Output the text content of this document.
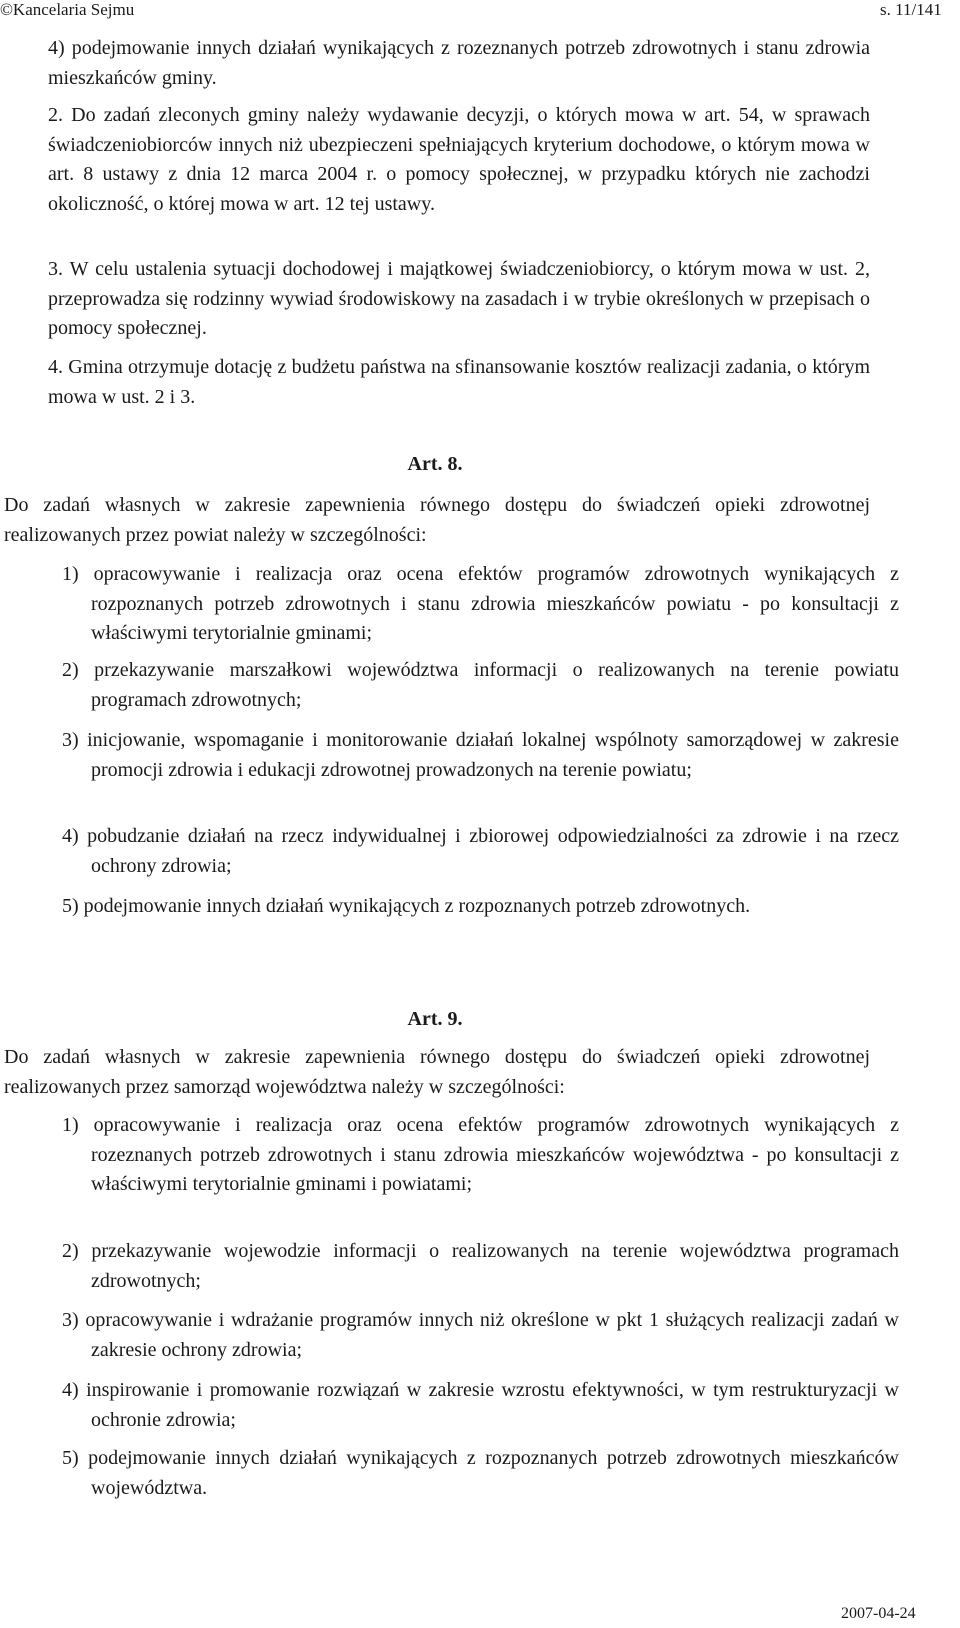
©Kancelaria Sejmu	s. 11/141
4) podejmowanie innych działań wynikających z rozeznanych potrzeb zdrowotnych i stanu zdrowia mieszkańców gminy.
2. Do zadań zleconych gminy należy wydawanie decyzji, o których mowa w art. 54, w sprawach świadczeniobiorców innych niż ubezpieczeni spełniających kryterium dochodowe, o którym mowa w art. 8 ustawy z dnia 12 marca 2004 r. o pomocy społecznej, w przypadku których nie zachodzi okoliczność, o której mowa w art. 12 tej ustawy.
3. W celu ustalenia sytuacji dochodowej i majątkowej świadczeniobiorcy, o którym mowa w ust. 2, przeprowadza się rodzinny wywiad środowiskowy na zasadach i w trybie określonych w przepisach o pomocy społecznej.
4. Gmina otrzymuje dotację z budżetu państwa na sfinansowanie kosztów realizacji zadania, o którym mowa w ust. 2 i 3.
Art. 8.
Do zadań własnych w zakresie zapewnienia równego dostępu do świadczeń opieki zdrowotnej realizowanych przez powiat należy w szczególności:
1) opracowywanie i realizacja oraz ocena efektów programów zdrowotnych wynikających z rozpoznanych potrzeb zdrowotnych i stanu zdrowia mieszkańców powiatu - po konsultacji z właściwymi terytorialnie gminami;
2) przekazywanie marszałkowi województwa informacji o realizowanych na terenie powiatu programach zdrowotnych;
3) inicjowanie, wspomaganie i monitorowanie działań lokalnej wspólnoty samorządowej w zakresie promocji zdrowia i edukacji zdrowotnej prowadzonych na terenie powiatu;
4) pobudzanie działań na rzecz indywidualnej i zbiorowej odpowiedzialności za zdrowie i na rzecz ochrony zdrowia;
5) podejmowanie innych działań wynikających z rozpoznanych potrzeb zdrowotnych.
Art. 9.
Do zadań własnych w zakresie zapewnienia równego dostępu do świadczeń opieki zdrowotnej realizowanych przez samorząd województwa należy w szczególności:
1) opracowywanie i realizacja oraz ocena efektów programów zdrowotnych wynikających z rozeznanych potrzeb zdrowotnych i stanu zdrowia mieszkańców województwa - po konsultacji z właściwymi terytorialnie gminami i powiatami;
2) przekazywanie wojewodzie informacji o realizowanych na terenie województwa programach zdrowotnych;
3) opracowywanie i wdrażanie programów innych niż określone w pkt 1 służących realizacji zadań w zakresie ochrony zdrowia;
4) inspirowanie i promowanie rozwiązań w zakresie wzrostu efektywności, w tym restrukturyzacji w ochronie zdrowia;
5) podejmowanie innych działań wynikających z rozpoznanych potrzeb zdrowotnych mieszkańców województwa.
2007-04-24
